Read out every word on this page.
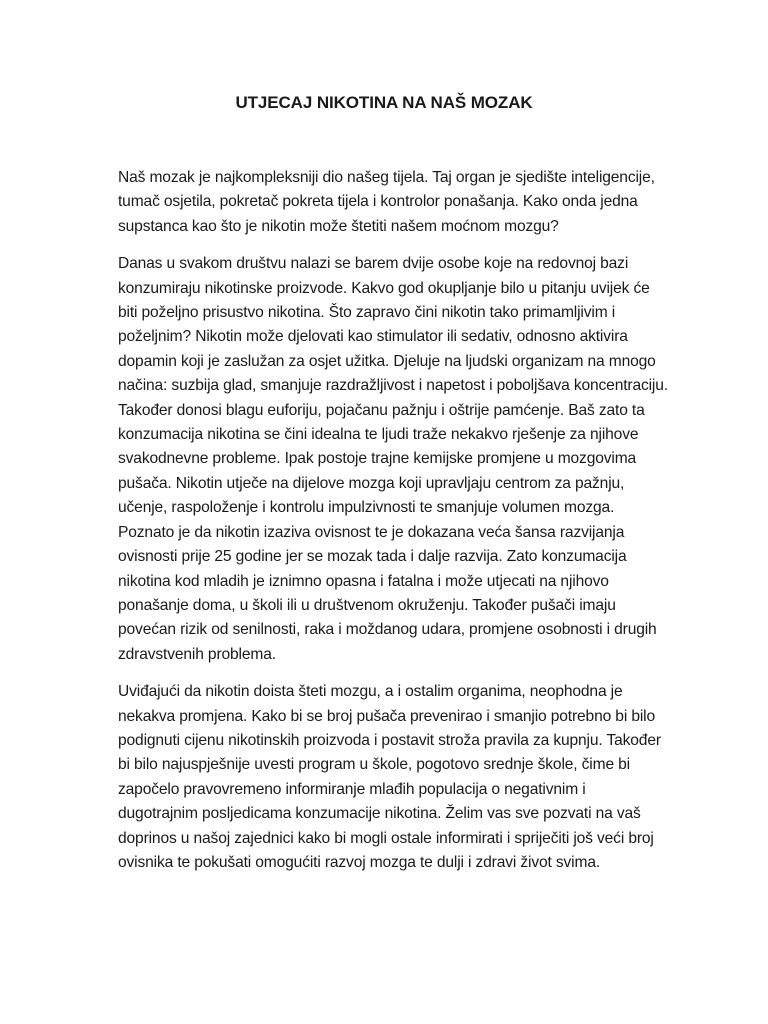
UTJECAJ NIKOTINA NA NAŠ MOZAK
Naš mozak je najkompleksniji dio našeg tijela. Taj organ je sjedište inteligencije,
tumač osjetila, pokretač pokreta tijela i kontrolor ponašanja. Kako onda jedna
supstanca kao što je nikotin može štetiti našem moćnom mozgu?
Danas u svakom društvu nalazi se barem dvije osobe koje na redovnoj bazi
konzumiraju nikotinske proizvode. Kakvo god okupljanje bilo u pitanju uvijek će
biti poželjno prisustvo nikotina. Što zapravo čini nikotin tako primamljivim i
poželjnim? Nikotin može djelovati kao stimulator ili sedativ, odnosno aktivira
dopamin koji je zaslužan za osjet užitka. Djeluje na ljudski organizam na mnogo
načina: suzbija glad, smanjuje razdražljivost i napetost i poboljšava koncentraciju.
Također donosi blagu euforiju, pojačanu pažnju i oštrije pamćenje. Baš zato ta
konzumacija nikotina se čini idealna te ljudi traže nekakvo rješenje za njihove
svakodnevne probleme. Ipak postoje trajne kemijske promjene u mozgovima
pušača. Nikotin utječe na dijelove mozga koji upravljaju centrom za pažnju,
učenje, raspoloženje i kontrolu impulzivnosti te smanjuje volumen mozga.
Poznato je da nikotin izaziva ovisnost te je dokazana veća šansa razvijanja
ovisnosti prije 25 godine jer se mozak tada i dalje razvija. Zato konzumacija
nikotina kod mladih je iznimno opasna i fatalna i može utjecati na njihovo
ponašanje doma, u školi ili u društvenom okruženju. Također pušači imaju
povećan rizik od senilnosti, raka i moždanog udara, promjene osobnosti i drugih
zdravstvenih problema.
Uviđajući da nikotin doista šteti mozgu, a i ostalim organima, neophodna je
nekakva promjena. Kako bi se broj pušača prevenirao i smanjio potrebno bi bilo
podignuti cijenu nikotinskih proizvoda i postavit stroža pravila za kupnju. Također
bi bilo najuspješnije uvesti program u škole, pogotovo srednje škole, čime bi
započelo pravovremeno informiranje mlađih populacija o negativnim i
dugotrajnim posljedicama konzumacije nikotina. Želim vas sve pozvati na vaš
doprinos u našoj zajednici kako bi mogli ostale informirati i spriječiti još veći broj
ovisnika te pokušati omogućiti razvoj mozga te dulji i zdravi život svima.
